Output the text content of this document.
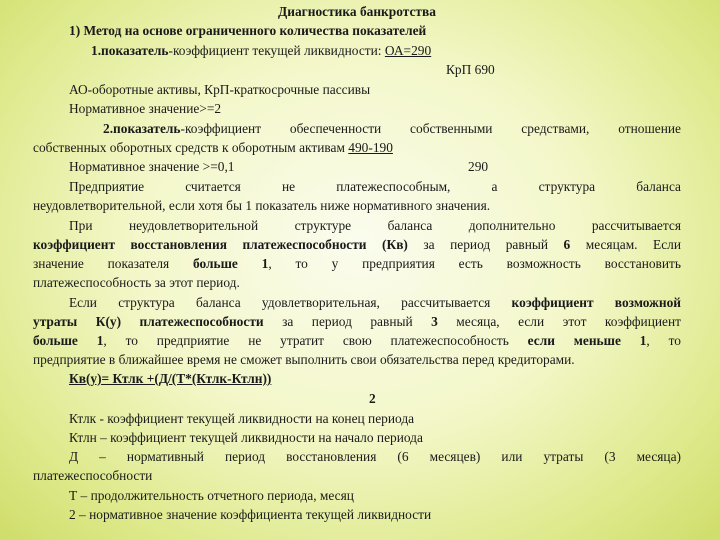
Диагностика банкротства
1) Метод на основе ограниченного количества показателей
1.показатель-коэффициент текущей ликвидности: ОА=290
КрП 690
АО-оборотные активы, КрП-краткосрочные пассивы
Нормативное значение>=2
2.показатель-коэффициент обеспеченности собственными средствами, отношение
собственных оборотных средств к оборотным активам 490-190
Нормативное значение >=0,1	290
Предприятие считается не платежеспособным, а структура баланса
неудовлетворительной, если хотя бы 1 показатель ниже нормативного значения.
При неудовлетворительной структуре баланса дополнительно рассчитывается
коэффициент восстановления платежеспособности (Кв) за период равный 6 месяцам. Если
значение показателя больше 1, то у предприятия есть возможность восстановить
платежеспособность за этот период.
Если структура баланса удовлетворительная, рассчитывается коэффициент возможной
утраты К(у) платежеспособности за период равный 3 месяца, если этот коэффициент
больше 1, то предприятие не утратит свою платежеспособность если меньше 1, то
предприятие в ближайшее время не сможет выполнить свои обязательства перед кредиторами.
Кв(у)= Ктлк +(Д/(Т*(Ктлк-Ктлн))
2
Ктлк - коэффициент текущей ликвидности на конец периода
Ктлн – коэффициент текущей ликвидности на начало периода
Д – нормативный период восстановления (6 месяцев) или утраты (3 месяца)
платежеспособности
Т – продолжительность отчетного периода, месяц
2 – нормативное значение коэффициента текущей ликвидности
